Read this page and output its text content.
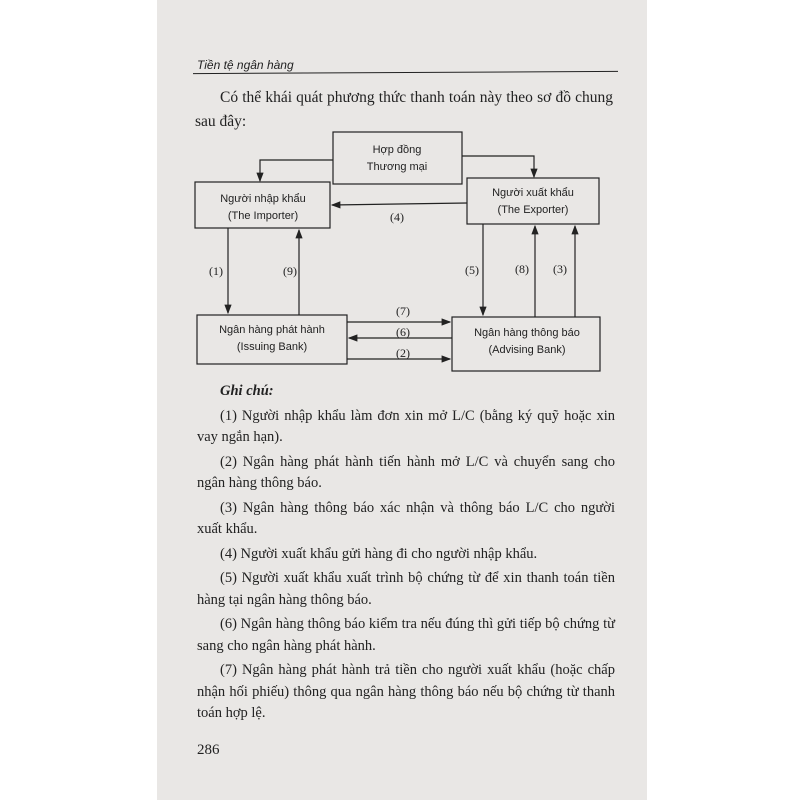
Tiền tệ ngân hàng

Có thể khái quát phương thức thanh toán này theo sơ đồ chung sau đây:

Hợp đồng
Thương mại
Người nhập khẩu
(The Importer)
Người xuất khẩu
(The Exporter)
Ngân hàng phát hành
(Issuing Bank)
Ngân hàng thông báo
(Advising Bank)
(4)
(1)	(9)	(5)	(8) (3)
(7)
(6)
(2)

Ghi chú:

(1) Người nhập khẩu làm đơn xin mở L/C (bằng ký quỹ hoặc xin vay ngắn hạn).

(2) Ngân hàng phát hành tiến hành mở L/C và chuyển sang cho ngân hàng thông báo.

(3) Ngân hàng thông báo xác nhận và thông báo L/C cho người xuất khẩu.

(4) Người xuất khẩu gửi hàng đi cho người nhập khẩu.

(5) Người xuất khẩu xuất trình bộ chứng từ để xin thanh toán tiền hàng tại ngân hàng thông báo.

(6) Ngân hàng thông báo kiểm tra nếu đúng thì gửi tiếp bộ chứng từ sang cho ngân hàng phát hành.

(7) Ngân hàng phát hành trả tiền cho người xuất khẩu (hoặc chấp nhận hối phiếu) thông qua ngân hàng thông báo nếu bộ chứng từ thanh toán hợp lệ.

286
